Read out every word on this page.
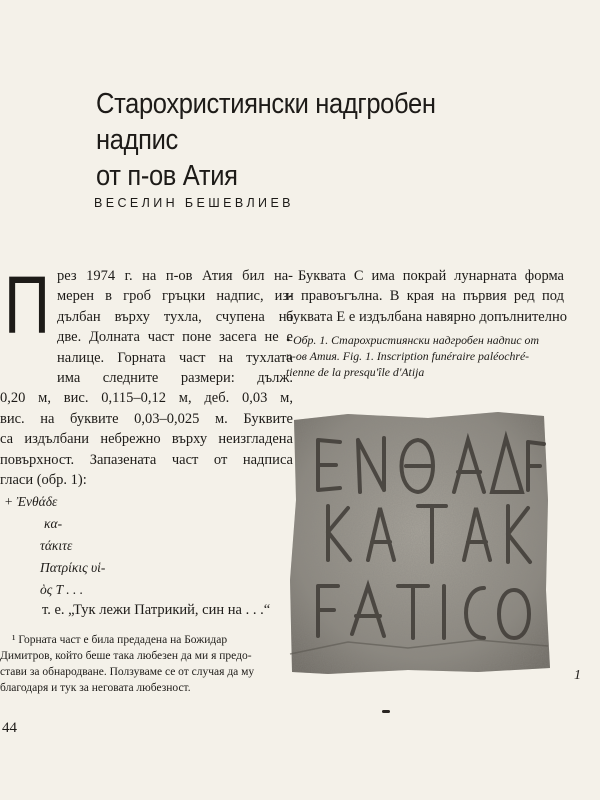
Старохристиянски надгробен надпис
от п-ов Атия
ВЕСЕЛИН БЕШЕВЛИЕВ
П рез 1974 г. на п-ов Атия бил на-
мерен в гроб гръцки надпис, из-
дълбан върху тухла, счупена на
две. Долната част поне засега не е
налице. Горната част на тухлата
има следните размери: дълж.
0,20 м, вис. 0,115–0,12 м, деб. 0,03 м,
вис. на буквите 0,03–0,025 м. Буквите
са издълбани небрежно върху неизгладена
повърхност. Запазената част от надписа
гласи (обр. 1):
+ Ἐνθάδε
κα-
τάκιτε
Πατρίκις υἱ-
ὸς Τ . . .
т. е. „Тук лежи Патрикий, син на . . .“
¹ Горната част е била предадена на Божидар
Димитров, който беше така любезен да ми я предо-
стави за обнародване. Ползуваме се от случая да му
благодаря и тук за неговата любезност.
Буквата С има покрай лунарната форма
и правоъгълна. В края на първия ред под
буквата Е е издълбана навярно допълнително
• Обр. 1. Старохристиянски надгробен надпис от
п-ов Атия. Fig. 1. Inscription funéraire paléochré-
tienne de la presqu'île d'Atija
1
44
